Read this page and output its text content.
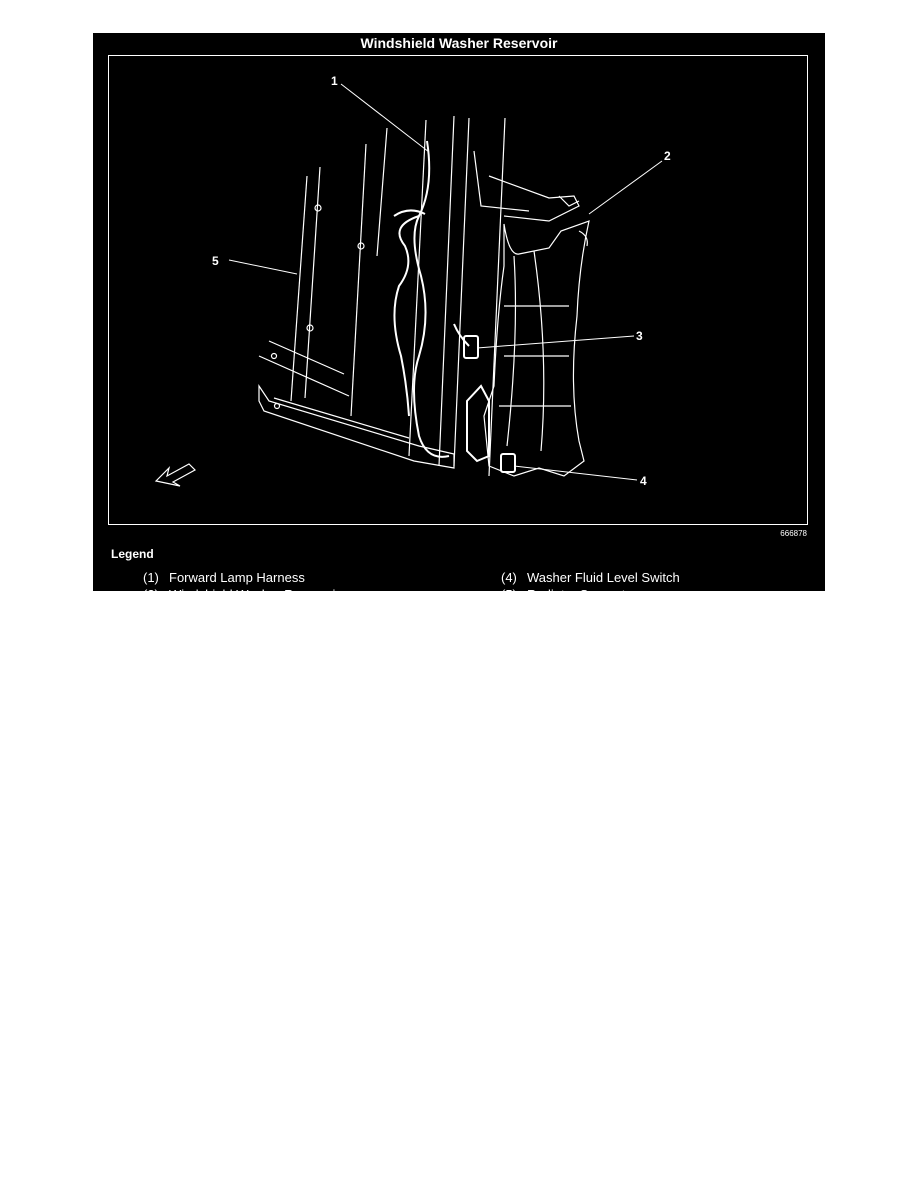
Windshield Washer Reservoir
1
2
3
4
5
666878
Legend
(1) Forward Lamp Harness
(2) Windshield Washer Reservoir
(3) Windshield Washer Fluid Pump Connector
(4) Washer Fluid Level Switch
(5) Radiator Support
